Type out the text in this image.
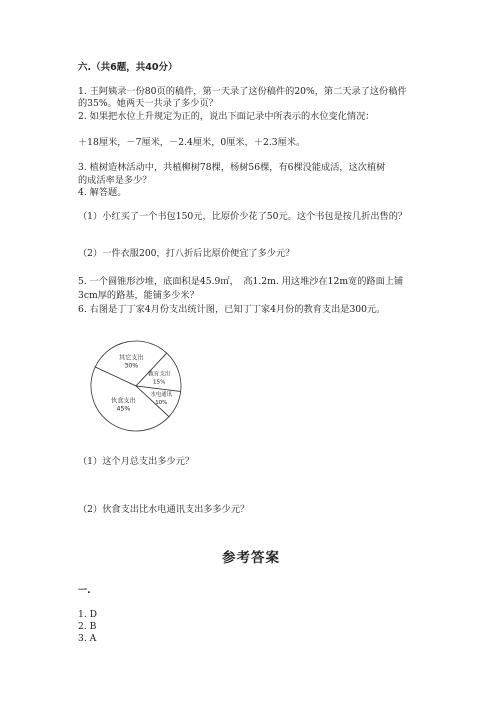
六.（共6题，共40分）
1. 王阿姨录一份80页的稿件，第一天录了这份稿件的20%，第二天录了这份稿件
的35%。她两天一共录了多少页？
2. 如果把水位上升规定为正的，说出下面记录中所表示的水位变化情况：
＋18厘米，－7厘米，－2.4厘米，0厘米，＋2.3厘米。
3. 植树造林活动中，共植柳树78棵，杨树56棵，有6棵没能成活，这次植树
的成活率是多少？
4. 解答题。
（1）小红买了一个书包150元，比原价少花了50元。这个书包是按几折出售的？
（2）一件衣服200，打八折后比原价便宜了多少元？
5. 一个圆锥形沙堆，底面积是45.9㎡，　高1.2m. 用这堆沙在12m宽的路面上铺
3cm厚的路基，能铺多少米？
6. 右图是丁丁家4月份支出统计图，已知丁丁家4月份的教育支出是300元。
其它支出
30%
教育支出
15%
水电通讯
10%
伙食支出
45%
（1）这个月总支出多少元？
（2）伙食支出比水电通讯支出多多少元？
参考答案
一.
1. D
2. B
3. A
